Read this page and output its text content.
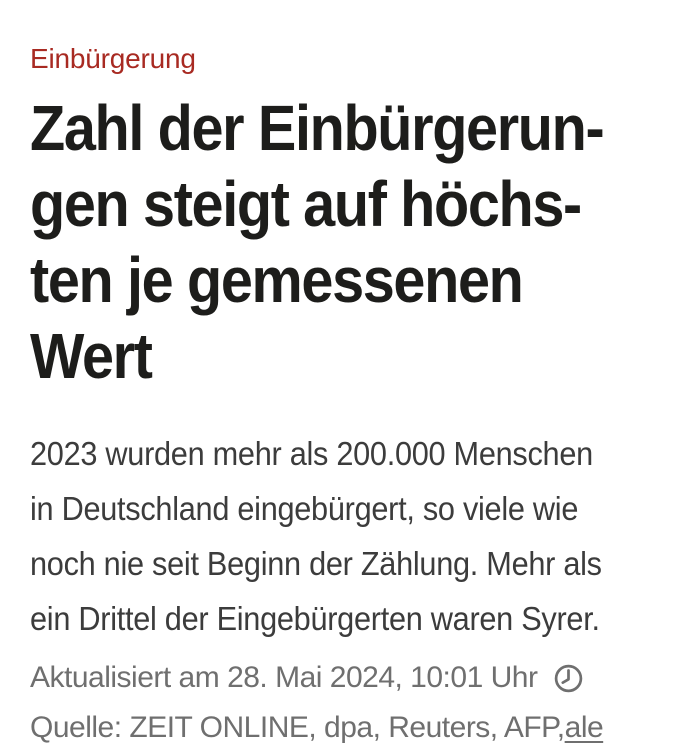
Einbürgerung
Zahl der Einbürgerun-
gen steigt auf höchs-
ten je gemessenen
Wert
2023 wurden mehr als 200.000 Menschen
in Deutschland eingebürgert, so viele wie
noch nie seit Beginn der Zählung. Mehr als
ein Drittel der Eingebürgerten waren Syrer.
Aktualisiert am 28. Mai 2024, 10:01 Uhr
Quelle: ZEIT ONLINE, dpa, Reuters, AFP, ale
